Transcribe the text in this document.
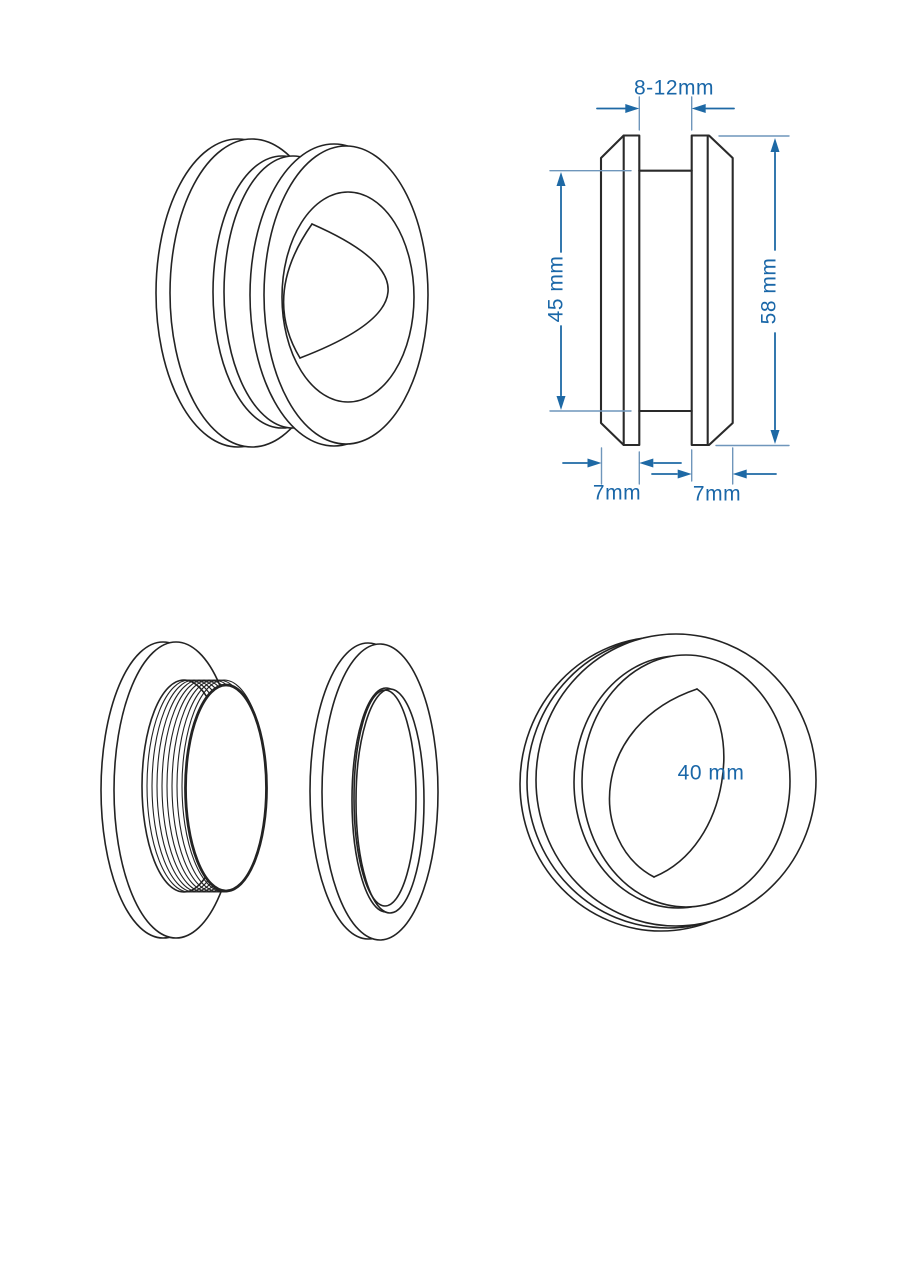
8-12mm
45 mm	58 mm
7mm 7mm
40 mm
